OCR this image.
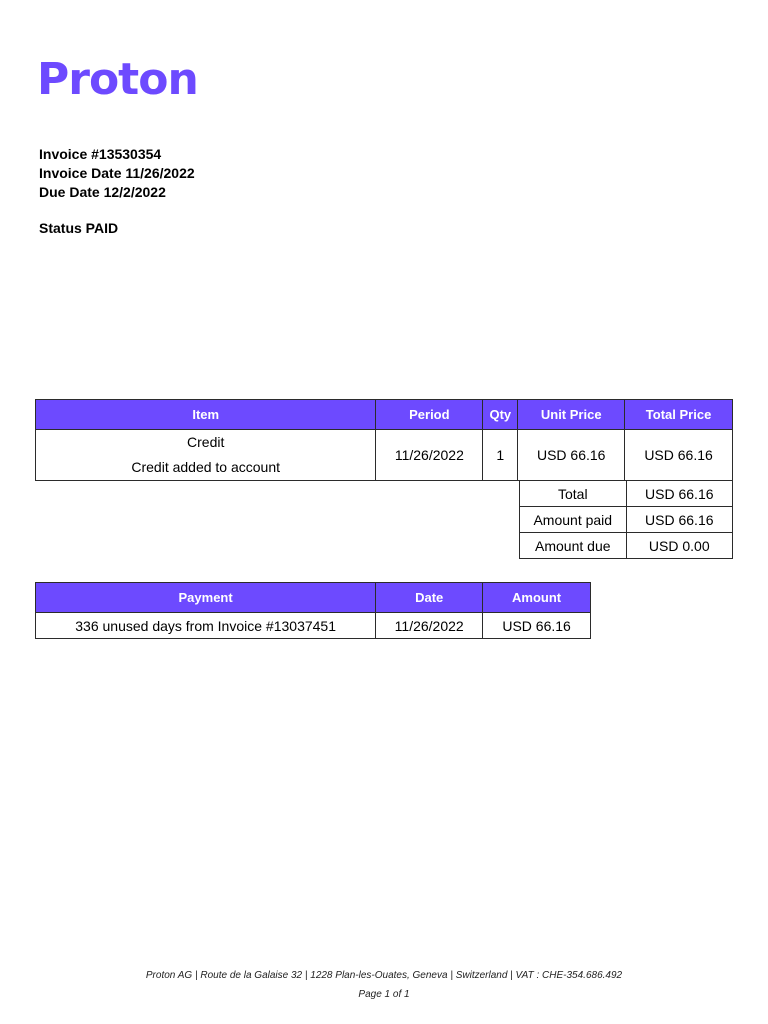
Proton
Invoice #13530354
Invoice Date 11/26/2022
Due Date 12/2/2022
Status PAID
Item	Period	Qty	Unit Price	Total Price

Credit
Credit added to account	11/26/2022	1	USD 66.16	USD 66.16
Total	USD 66.16
Amount paid	USD 66.16
Amount due	USD 0.00
Payment	Date	Amount
336 unused days from Invoice #13037451	11/26/2022	USD 66.16
Proton AG | Route de la Galaise 32 | 1228 Plan-les-Ouates, Geneva | Switzerland | VAT : CHE-354.686.492
Page 1 of 1
